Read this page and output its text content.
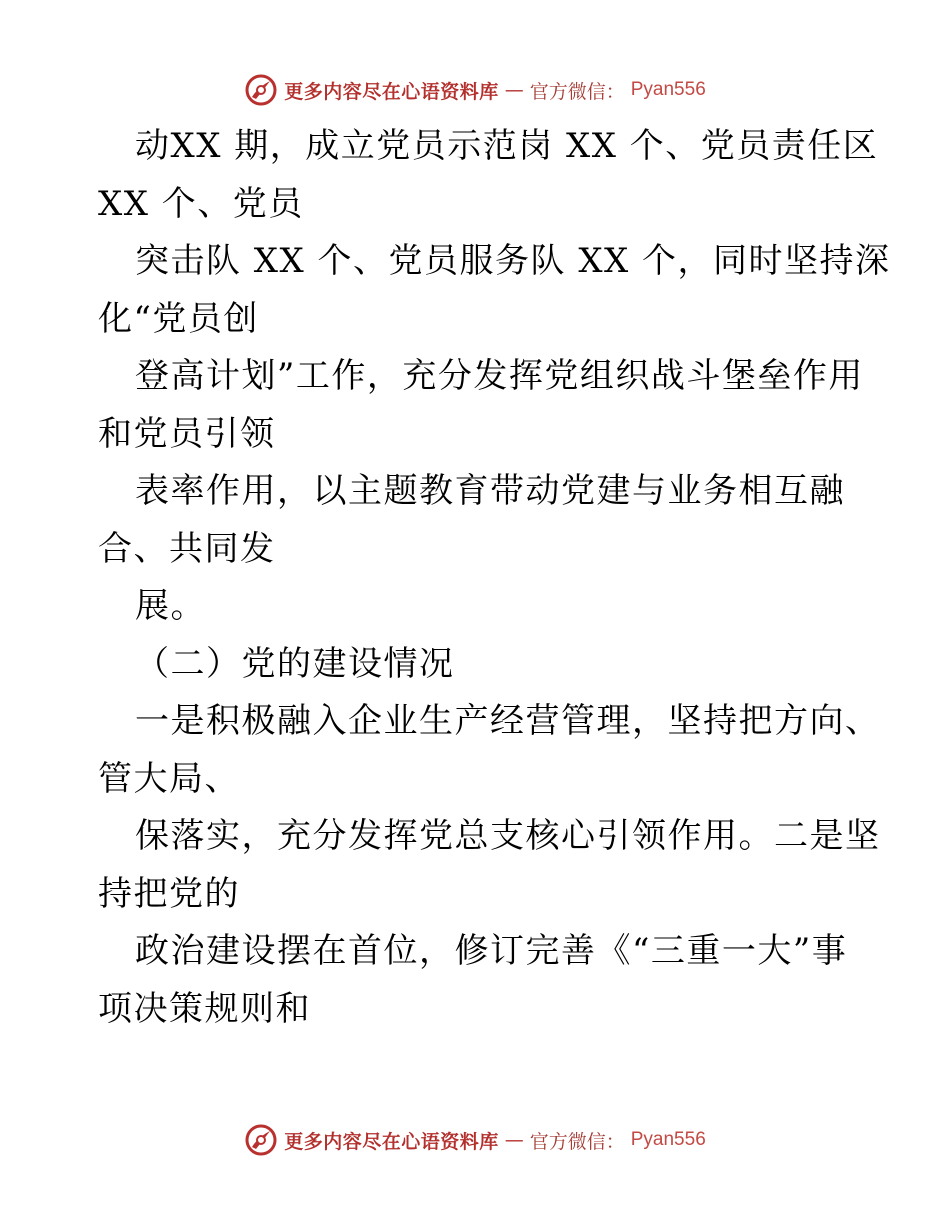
更多内容尽在心语资料库 — 官方微信： Pyan556
动XX 期，成立党员示范岗 XX 个、党员责任区
XX 个、党员
突击队 XX 个、党员服务队 XX 个，同时坚持深
化“党员创
登高计划”工作，充分发挥党组织战斗堡垒作用
和党员引领
表率作用，以主题教育带动党建与业务相互融
合、共同发
展。
（二）党的建设情况
一是积极融入企业生产经营管理，坚持把方向、
管大局、
保落实，充分发挥党总支核心引领作用。二是坚
持把党的
政治建设摆在首位，修订完善《“三重一大”事
项决策规则和
更多内容尽在心语资料库 — 官方微信： Pyan556
